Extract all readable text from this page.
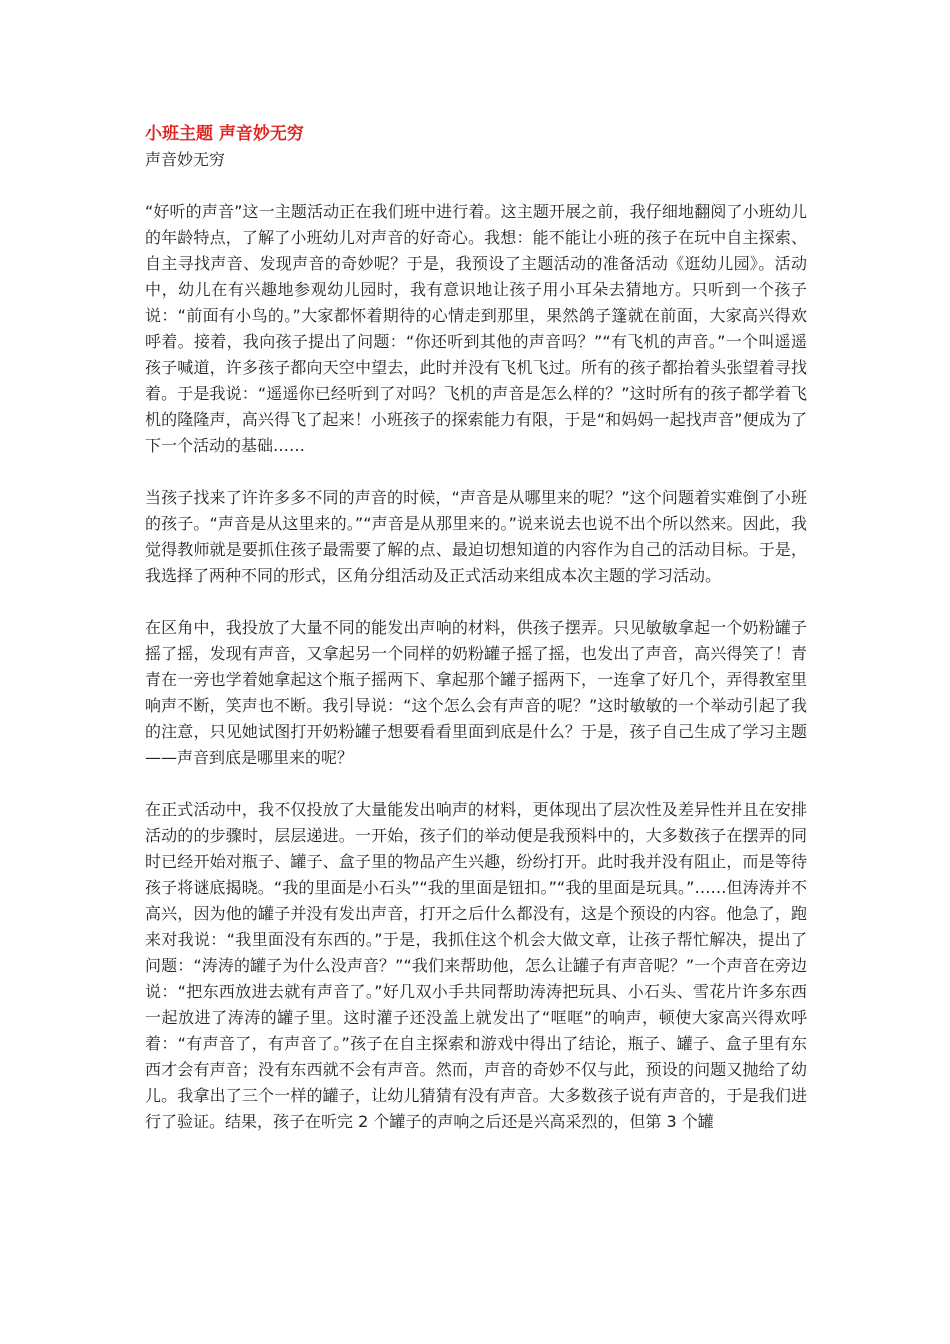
小班主题 声音妙无穷

声音妙无穷

“好听的声音”这一主题活动正在我们班中进行着。这主题开展之前，我仔细地翻阅了小班幼儿的年龄特点，了解了小班幼儿对声音的好奇心。我想：能不能让小班的孩子在玩中自主探索、自主寻找声音、发现声音的奇妙呢？于是，我预设了主题活动的准备活动《逛幼儿园》。活动中，幼儿在有兴趣地参观幼儿园时，我有意识地让孩子用小耳朵去猜地方。只听到一个孩子说：“前面有小鸟的。”大家都怀着期待的心情走到那里，果然鸽子篷就在前面，大家高兴得欢呼着。接着，我向孩子提出了问题：“你还听到其他的声音吗？”“有飞机的声音。”一个叫遥遥孩子喊道，许多孩子都向天空中望去，此时并没有飞机飞过。所有的孩子都抬着头张望着寻找着。于是我说：“遥遥你已经听到了对吗？飞机的声音是怎么样的？”这时所有的孩子都学着飞机的隆隆声，高兴得飞了起来！小班孩子的探索能力有限，于是“和妈妈一起找声音”便成为了下一个活动的基础……

当孩子找来了许许多多不同的声音的时候，“声音是从哪里来的呢？”这个问题着实难倒了小班的孩子。“声音是从这里来的。”“声音是从那里来的。”说来说去也说不出个所以然来。因此，我觉得教师就是要抓住孩子最需要了解的点、最迫切想知道的内容作为自己的活动目标。于是，我选择了两种不同的形式，区角分组活动及正式活动来组成本次主题的学习活动。

在区角中，我投放了大量不同的能发出声响的材料，供孩子摆弄。只见敏敏拿起一个奶粉罐子摇了摇，发现有声音，又拿起另一个同样的奶粉罐子摇了摇，也发出了声音，高兴得笑了！青青在一旁也学着她拿起这个瓶子摇两下、拿起那个罐子摇两下，一连拿了好几个，弄得教室里响声不断，笑声也不断。我引导说：“这个怎么会有声音的呢？”这时敏敏的一个举动引起了我的注意，只见她试图打开奶粉罐子想要看看里面到底是什么？于是，孩子自己生成了学习主题——声音到底是哪里来的呢？

在正式活动中，我不仅投放了大量能发出响声的材料，更体现出了层次性及差异性并且在安排活动的的步骤时，层层递进。一开始，孩子们的举动便是我预料中的，大多数孩子在摆弄的同时已经开始对瓶子、罐子、盒子里的物品产生兴趣，纷纷打开。此时我并没有阻止，而是等待孩子将谜底揭晓。“我的里面是小石头”“我的里面是钮扣。”“我的里面是玩具。”……但涛涛并不高兴，因为他的罐子并没有发出声音，打开之后什么都没有，这是个预设的内容。他急了，跑来对我说：“我里面没有东西的。”于是，我抓住这个机会大做文章，让孩子帮忙解决，提出了问题：“涛涛的罐子为什么没声音？”“我们来帮助他，怎么让罐子有声音呢？”一个声音在旁边说：“把东西放进去就有声音了。”好几双小手共同帮助涛涛把玩具、小石头、雪花片许多东西一起放进了涛涛的罐子里。这时灌子还没盖上就发出了“哐哐”的响声，顿使大家高兴得欢呼着：“有声音了，有声音了。”孩子在自主探索和游戏中得出了结论，瓶子、罐子、盒子里有东西才会有声音；没有东西就不会有声音。然而，声音的奇妙不仅与此，预设的问题又抛给了幼儿。我拿出了三个一样的罐子，让幼儿猜猜有没有声音。大多数孩子说有声音的，于是我们进行了验证。结果，孩子在听完 2 个罐子的声响之后还是兴高采烈的，但第 3 个罐
